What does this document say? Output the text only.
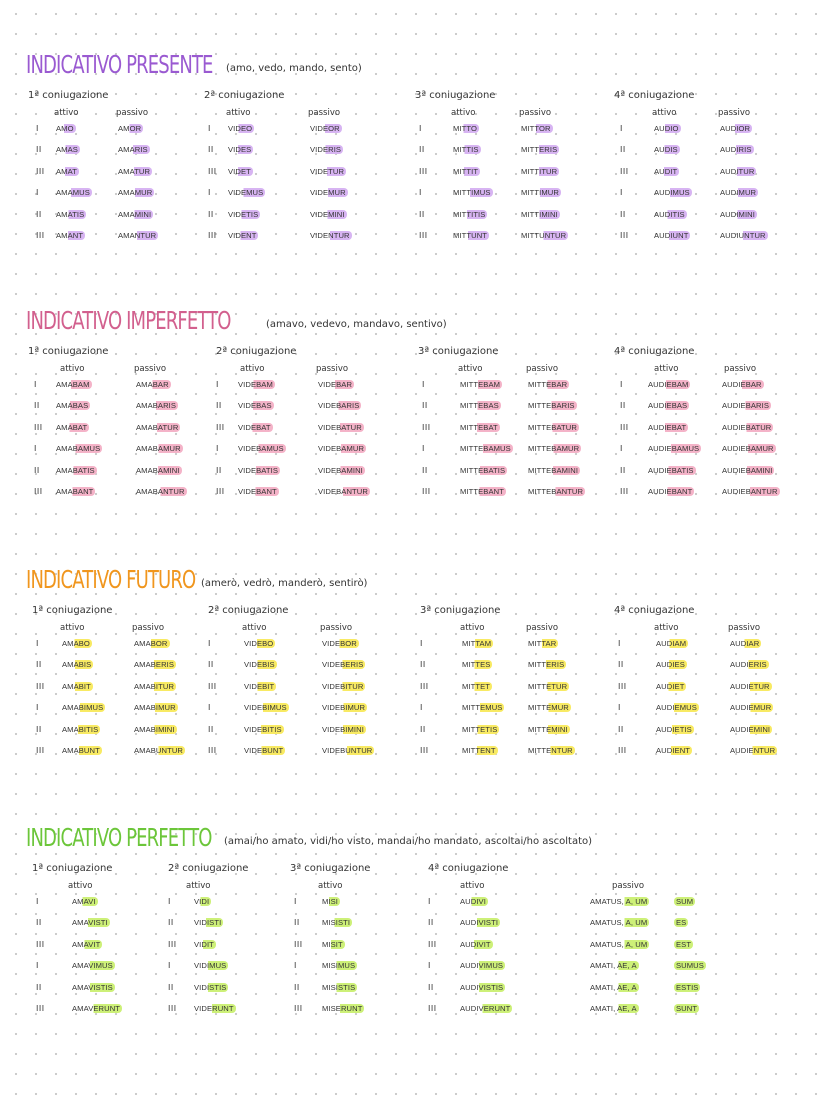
INDICATIVO PRESENTE (amo, vedo, mando, sento)
1ª coniugazione
attivo	passivo
I AMO	AMOR
II AMAS	AMARIS
III AMAT	AMATUR
I AMAMUS	AMAMUR
II AMATIS	AMAMINI
III AMANT	AMANTUR
2ª coniugazione
attivo	passivo
I VIDEO	VIDEOR
II VIDES	VIDERIS
III VIDET	VIDETUR
I VIDEMUS	VIDEMUR
II VIDETIS	VIDEMINI
III VIDENT	VIDENTUR
3ª coniugazione
attivo	passivo
I	MITTO	MITTOR
II	MITTIS	MITTERIS
III	MITTIT	MITTITUR
I	MITTIMUS	MITTIMUR
II	MITTITIS	MITTIMINI
III	MITTUNT	MITTUNTUR
4ª coniugazione
attivo	passivo
I	AUDIO	AUDIOR
II	AUDIS	AUDIRIS
III	AUDIT	AUDITUR
I	AUDIMUS	AUDIMUR
II	AUDITIS	AUDIMINI
III	AUDIUNT	AUDIUNTUR
INDICATIVO IMPERFETTO	(amavo, vedevo, mandavo, sentivo)
1ª coniugazione
attivo	passivo
I	AMABAM	AMABAR
II AMABAS	AMABARIS
III AMABAT	AMABATUR
I	AMABAMUS	AMABAMUR
II AMABATIS	AMABAMINI
III AMABANT	AMABANTUR
2ª coniugazione
attivo	passivo
I	VIDEBAM	VIDEBAR
II VIDEBAS	VIDEBARIS
III VIDEBAT	VIDEBATUR
I	VIDEBAMUS	VIDEBAMUR
II VIDEBATIS	VIDEBAMINI
III VIDEBANT	VIDEBANTUR
3ª coniugazione
attivo	passivo
I	MITTEBAM	MITTEBAR
II	MITTEBAS	MITTEBARIS
III	MITTEBAT	MITTEBATUR
I	MITTEBAMUS MITTEBAMUR
II	MITTEBATIS	MITTEBAMINI
III	MITTEBANT	MITTEBANTUR
4ª coniugazione
attivo	passivo
I	AUDIEBAM	AUDIEBAR
II	AUDIEBAS	AUDIEBARIS
III	AUDIEBAT	AUDIEBATUR
I	AUDIEBAMUS	AUDIEBAMUR
II	AUDIEBATIS	AUDIEBAMINI
III	AUDIEBANT	AUDIEBANTUR
INDICATIVO FUTURO (amerò, vedrò, manderò, sentirò)
1ª coniugazione
attivo	passivo
I	AMABO	AMABOR
II	AMABIS	AMABERIS
III AMABIT	AMABITUR
I	AMABIMUS	AMABIMUR
II	AMABITIS	AMABIMINI
III AMABUNT	AMABUNTUR
2ª coniugazione
attivo	passivo
I	VIDEBO	VIDEBOR
II	VIDEBIS	VIDEBERIS
III	VIDEBIT	VIDEBITUR
I	VIDEBIMUS	VIDEBIMUR
II	VIDEBITIS	VIDEBIMINI
III	VIDEBUNT	VIDEBUNTUR
3ª coniugazione
attivo	passivo
I	MITTAM	MITTAR
II	MITTES	MITTERIS
III	MITTET	MITTETUR
I	MITTEMUS	MITTEMUR
II	MITTETIS	MITTEMINI
III	MITTENT	MITTENTUR
4ª coniugazione
attivo	passivo
I	AUDIAM	AUDIAR
II	AUDIES	AUDIERIS
III	AUDIET	AUDIETUR
I	AUDIEMUS	AUDIEMUR
II	AUDIETIS	AUDIEMINI
III	AUDIENT	AUDIENTUR
INDICATIVO PERFETTO (amai/ho amato, vidi/ho visto, mandai/ho mandato, ascoltai/ho ascoltato)
1ª coniugazione
attivo
I	AMAVI
II	AMAVISTI
III	AMAVIT
I	AMAVIMUS
II	AMAVISTIS
III	AMAVERUNT
2ª coniugazione
attivo
I	VIDI
II	VIDISTI
III VIDIT
I	VIDIMUS
II	VIDISTIS
III VIDERUNT
3ª coniugazione
attivo
I	MISI
II	MISISTI
III	MISIT
I	MISIMUS
II	MISISTIS
III	MISERUNT
4ª coniugazione
attivo	passivo
I	AUDIVI	AMATUS, A, UM	SUM
II	AUDIVISTI	AMATUS, A, UM	ES
III	AUDIVIT	AMATUS, A, UM	EST
I	AUDIVIMUS	AMATI, AE, A	SUMUS
II	AUDIVISTIS	AMATI, AE, A	ESTIS
III	AUDIVERUNT	AMATI, AE, A	SUNT
